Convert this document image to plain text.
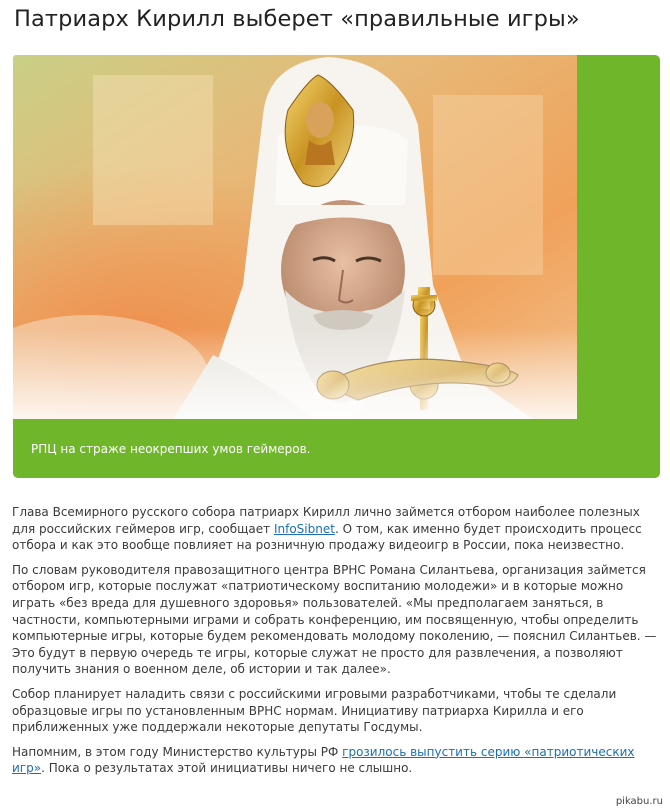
Патриарх Кирилл выберет «правильные игры»
РПЦ на страже неокрепших умов геймеров.

Глава Всемирного русского собора патриарх Кирилл лично займется отбором наиболее полезных для российских геймеров игр, сообщает InfoSibnet. О том, как именно будет происходить процесс отбора и как это вообще повлияет на розничную продажу видеоигр в России, пока неизвестно.

По словам руководителя правозащитного центра ВРНС Романа Силантьева, организация займется отбором игр, которые послужат «патриотическому воспитанию молодежи» и в которые можно играть «без вреда для душевного здоровья» пользователей. «Мы предполагаем заняться, в частности, компьютерными играми и собрать конференцию, им посвященную, чтобы определить компьютерные игры, которые будем рекомендовать молодому поколению, — пояснил Силантьев. — Это будут в первую очередь те игры, которые служат не просто для развлечения, а позволяют получить знания о военном деле, об истории и так далее».

Собор планирует наладить связи с российскими игровыми разработчиками, чтобы те сделали образцовые игры по установленным ВРНС нормам. Инициативу патриарха Кирилла и его приближенных уже поддержали некоторые депутаты Госдумы.

Напомним, в этом году Министерство культуры РФ грозилось выпустить серию «патриотических игр». Пока о результатах этой инициативы ничего не слышно.

pikabu.ru
